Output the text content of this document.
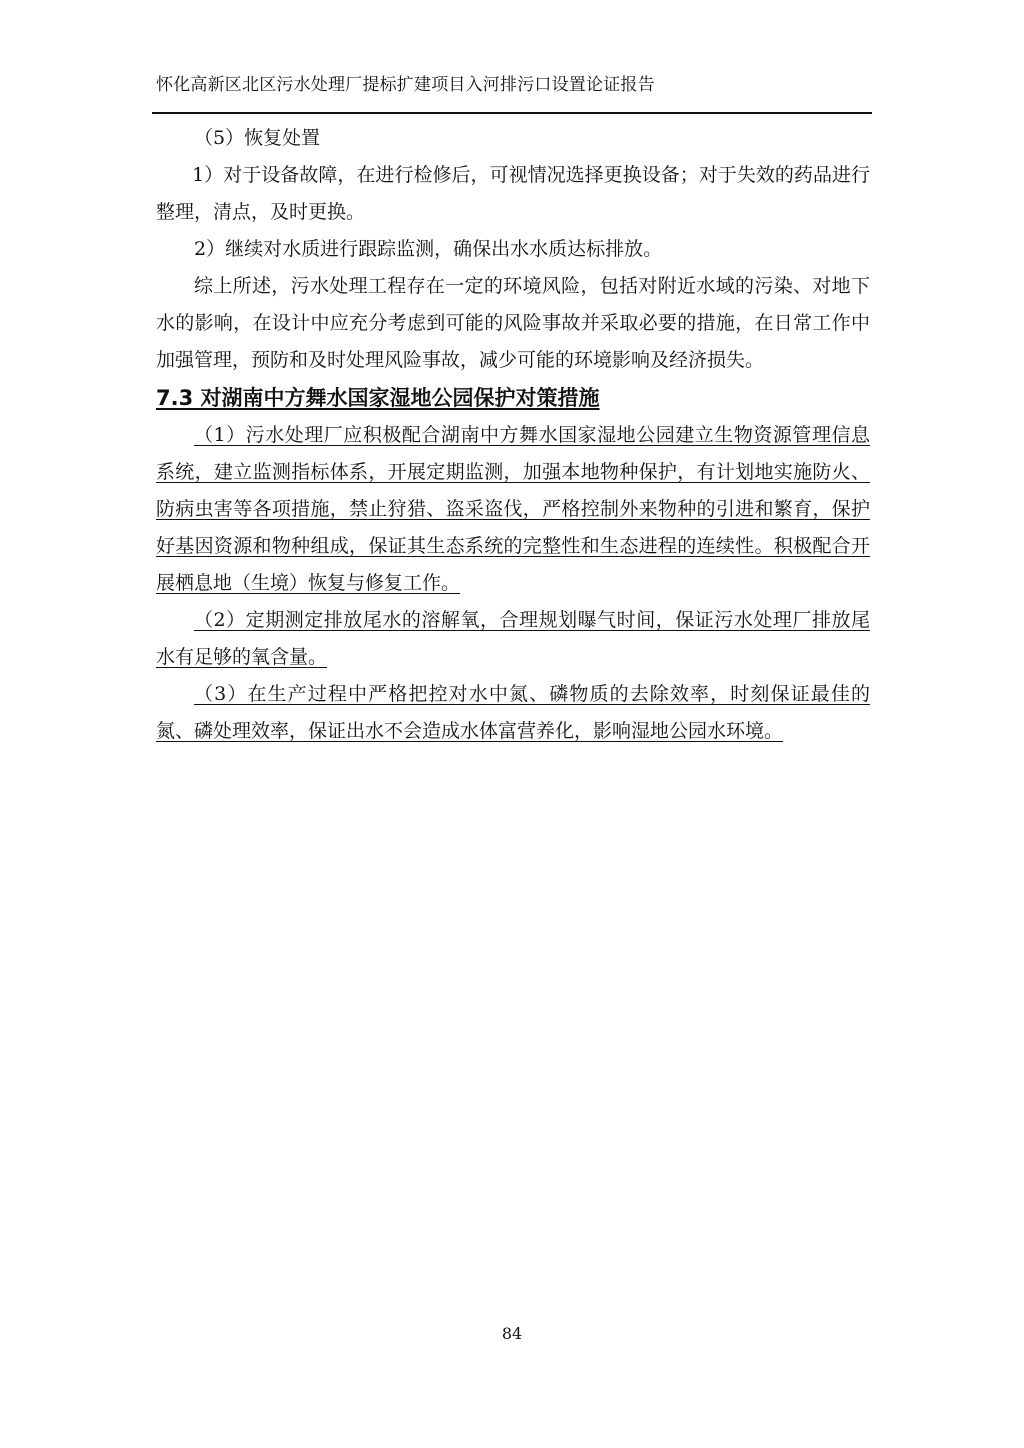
怀化高新区北区污水处理厂提标扩建项目入河排污口设置论证报告

（5）恢复处置

1）对于设备故障，在进行检修后，可视情况选择更换设备；对于失效的药品进行整理，清点，及时更换。

2）继续对水质进行跟踪监测，确保出水水质达标排放。

综上所述，污水处理工程存在一定的环境风险，包括对附近水域的污染、对地下水的影响，在设计中应充分考虑到可能的风险事故并采取必要的措施，在日常工作中加强管理，预防和及时处理风险事故，减少可能的环境影响及经济损失。

7.3 对湖南中方舞水国家湿地公园保护对策措施

（1）污水处理厂应积极配合湖南中方舞水国家湿地公园建立生物资源管理信息系统，建立监测指标体系，开展定期监测，加强本地物种保护，有计划地实施防火、防病虫害等各项措施，禁止狩猎、盗采盗伐，严格控制外来物种的引进和繁育，保护好基因资源和物种组成，保证其生态系统的完整性和生态进程的连续性。积极配合开展栖息地（生境）恢复与修复工作。

（2）定期测定排放尾水的溶解氧，合理规划曝气时间，保证污水处理厂排放尾水有足够的氧含量。

（3）在生产过程中严格把控对水中氮、磷物质的去除效率，时刻保证最佳的氮、磷处理效率，保证出水不会造成水体富营养化，影响湿地公园水环境。

84
